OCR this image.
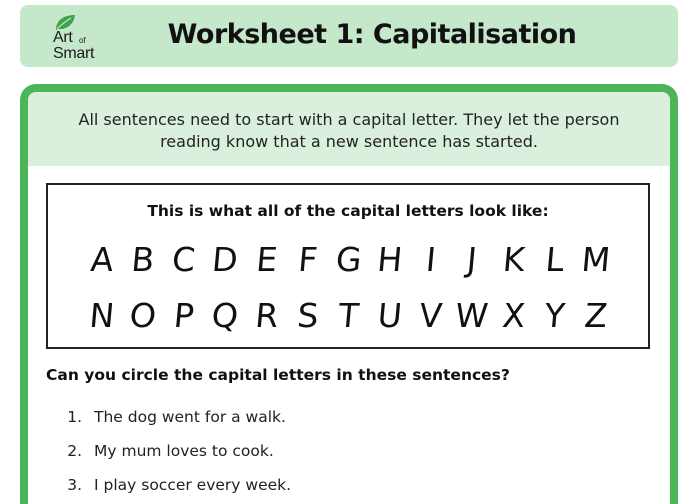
Art of
Smart
Worksheet 1: Capitalisation

All sentences need to start with a capital letter. They let the person reading know that a new sentence has started.

This is what all of the capital letters look like:
A B C D E F G H I J K L M
N O P Q R S T U V W X Y Z
Can you circle the capital letters in these sentences?
1. The dog went for a walk.
2. My mum loves to cook.
3. I play soccer every week.
